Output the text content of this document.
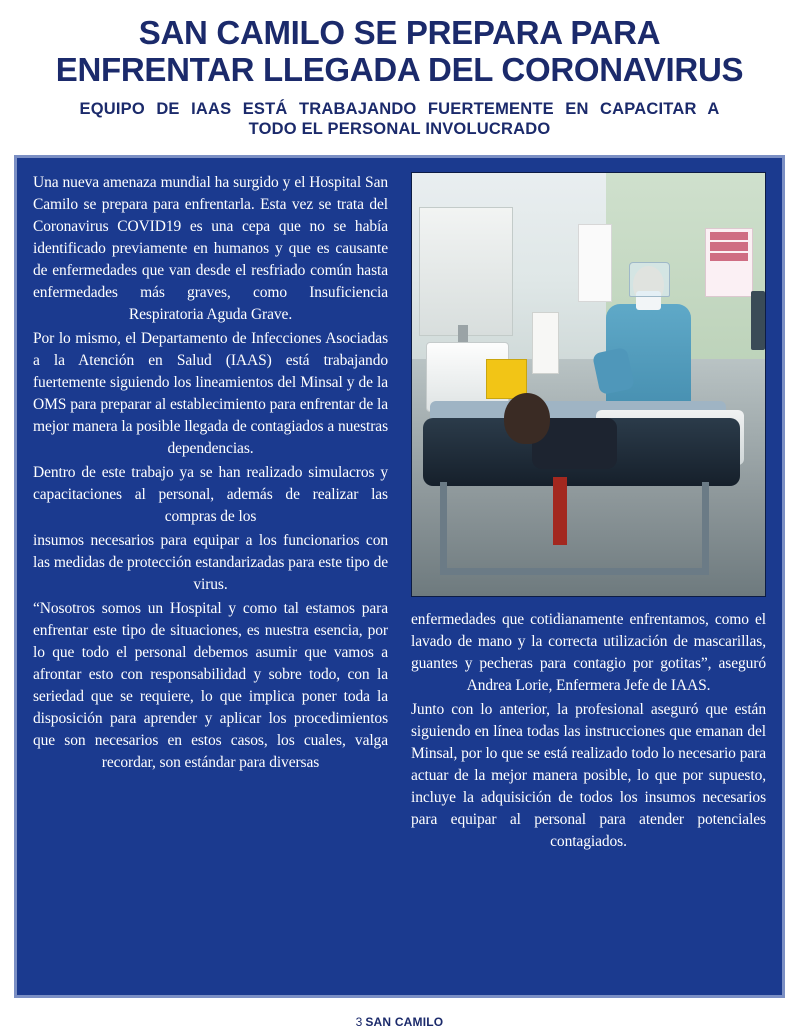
SAN CAMILO SE PREPARA PARA
ENFRENTAR LLEGADA DEL CORONAVIRUS
EQUIPO DE IAAS ESTÁ TRABAJANDO FUERTEMENTE EN CAPACITAR A
TODO EL PERSONAL INVOLUCRADO

Una nueva amenaza mundial ha surgido y el Hospital San Camilo se prepara para enfrentarla. Esta vez se trata del Coronavirus COVID19 es una cepa que no se había identificado previamente en humanos y que es causante de enfermedades que van desde el resfriado común hasta enfermedades más graves, como Insuficiencia Respiratoria Aguda Grave.

Por lo mismo, el Departamento de Infecciones Asociadas a la Atención en Salud (IAAS) está trabajando fuertemente siguiendo los lineamientos del Minsal y de la OMS para preparar al establecimiento para enfrentar de la mejor manera la posible llegada de contagiados a nuestras dependencias.

Dentro de este trabajo ya se han realizado simulacros y capacitaciones al personal, además de realizar las compras de los

insumos necesarios para equipar a los funcionarios con las medidas de protección estandarizadas para este tipo de virus.

“Nosotros somos un Hospital y como tal estamos para enfrentar este tipo de situaciones, es nuestra esencia, por lo que todo el personal debemos asumir que vamos a afrontar esto con responsabilidad y sobre todo, con la seriedad que se requiere, lo que implica poner toda la disposición para aprender y aplicar los procedimientos que son necesarios en estos casos, los cuales, valga recordar, son estándar para diversas

enfermedades que cotidianamente enfrentamos, como el lavado de mano y la correcta utilización de mascarillas, guantes y pecheras para contagio por gotitas”, aseguró Andrea Lorie, Enfermera Jefe de IAAS.

Junto con lo anterior, la profesional aseguró que están siguiendo en línea todas las instrucciones que emanan del Minsal, por lo que se está realizado todo lo necesario para actuar de la mejor manera posible, lo que por supuesto, incluye la adquisición de todos los insumos necesarios para equipar al personal para atender potenciales contagiados.

3 SAN CAMILO
